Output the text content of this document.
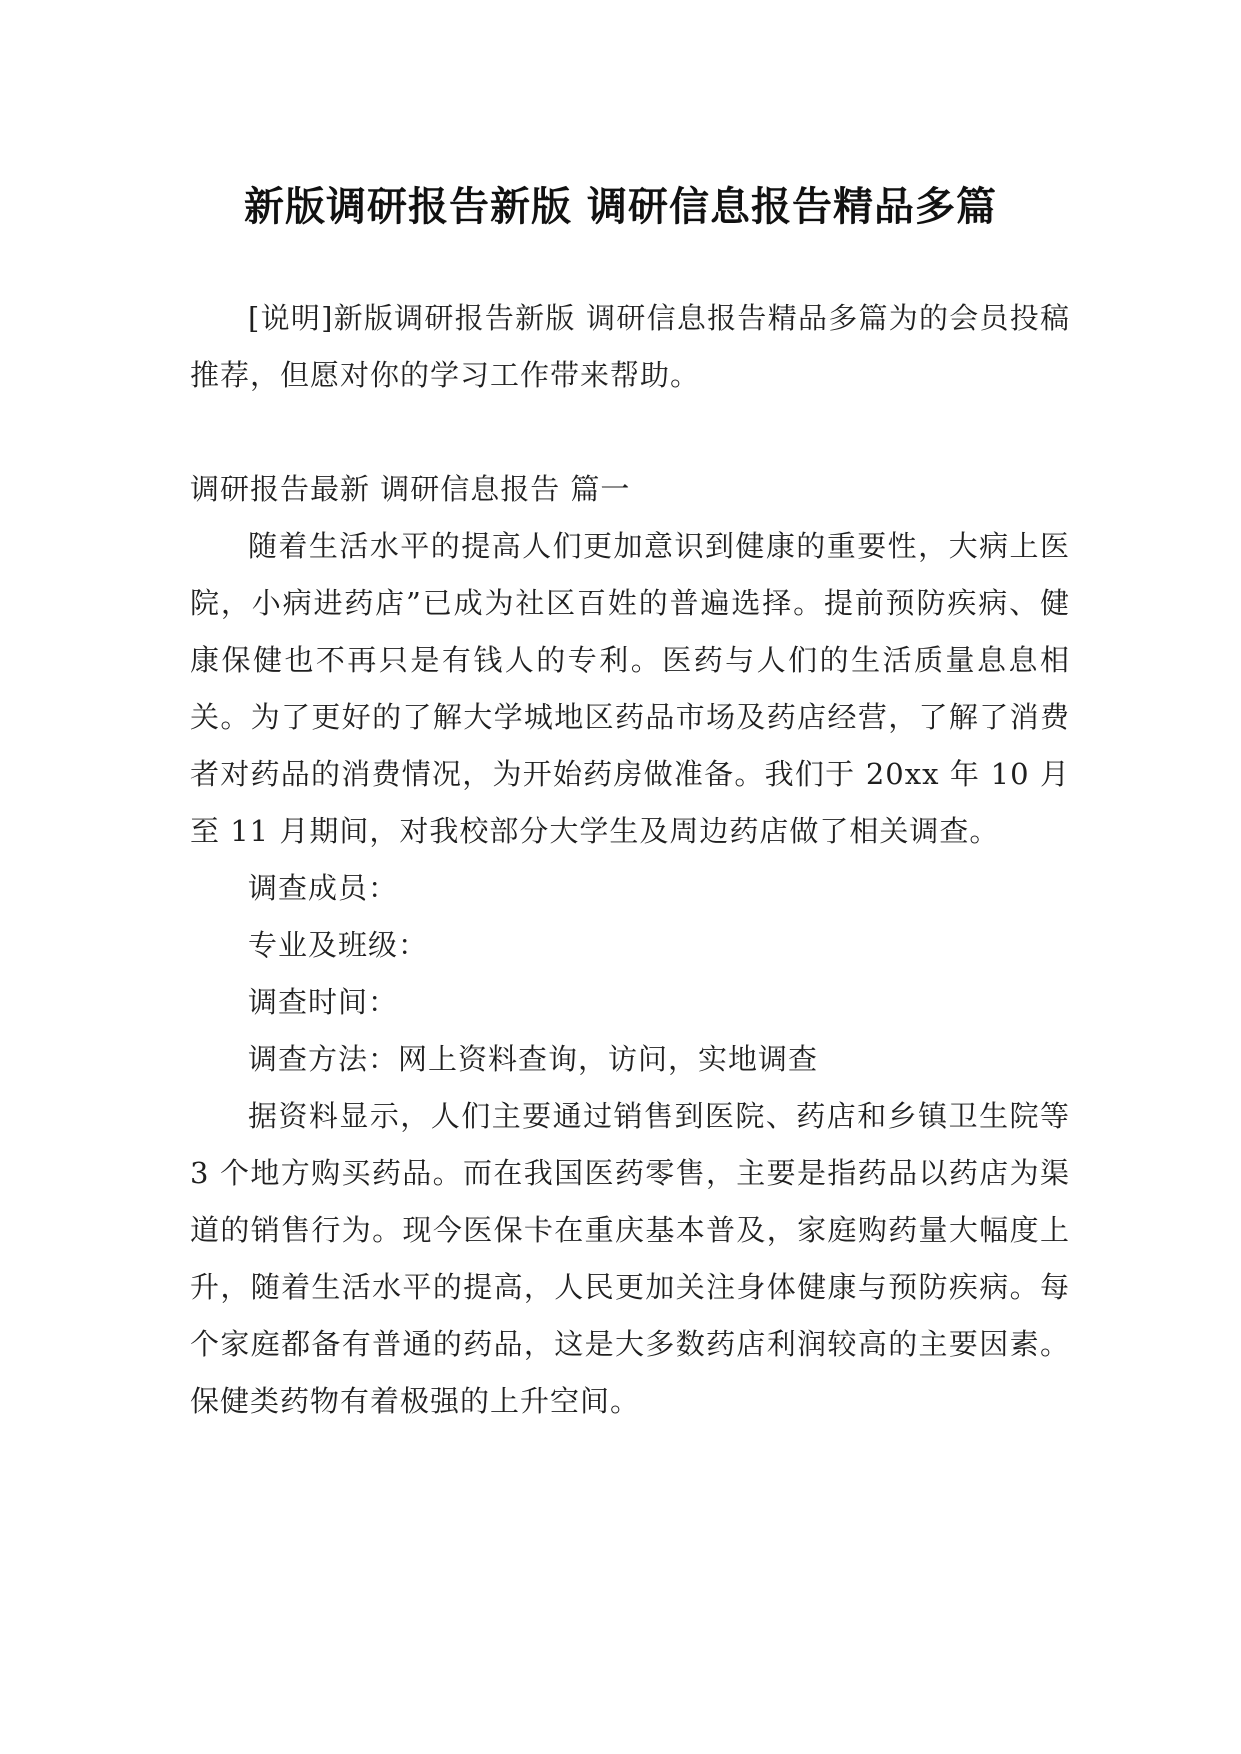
新版调研报告新版 调研信息报告精品多篇

[说明]新版调研报告新版 调研信息报告精品多篇为的会员投稿推荐，但愿对你的学习工作带来帮助。

调研报告最新 调研信息报告 篇一

随着生活水平的提高人们更加意识到健康的重要性，大病上医院，小病进药店”已成为社区百姓的普遍选择。提前预防疾病、健康保健也不再只是有钱人的专利。医药与人们的生活质量息息相关。为了更好的了解大学城地区药品市场及药店经营，了解了消费者对药品的消费情况，为开始药房做准备。我们于 20xx 年 10 月至 11 月期间，对我校部分大学生及周边药店做了相关调查。

调查成员：

专业及班级：

调查时间：

调查方法：网上资料查询，访问，实地调查

据资料显示，人们主要通过销售到医院、药店和乡镇卫生院等 3 个地方购买药品。而在我国医药零售，主要是指药品以药店为渠道的销售行为。现今医保卡在重庆基本普及，家庭购药量大幅度上升，随着生活水平的提高，人民更加关注身体健康与预防疾病。每个家庭都备有普通的药品，这是大多数药店利润较高的主要因素。保健类药物有着极强的上升空间。
